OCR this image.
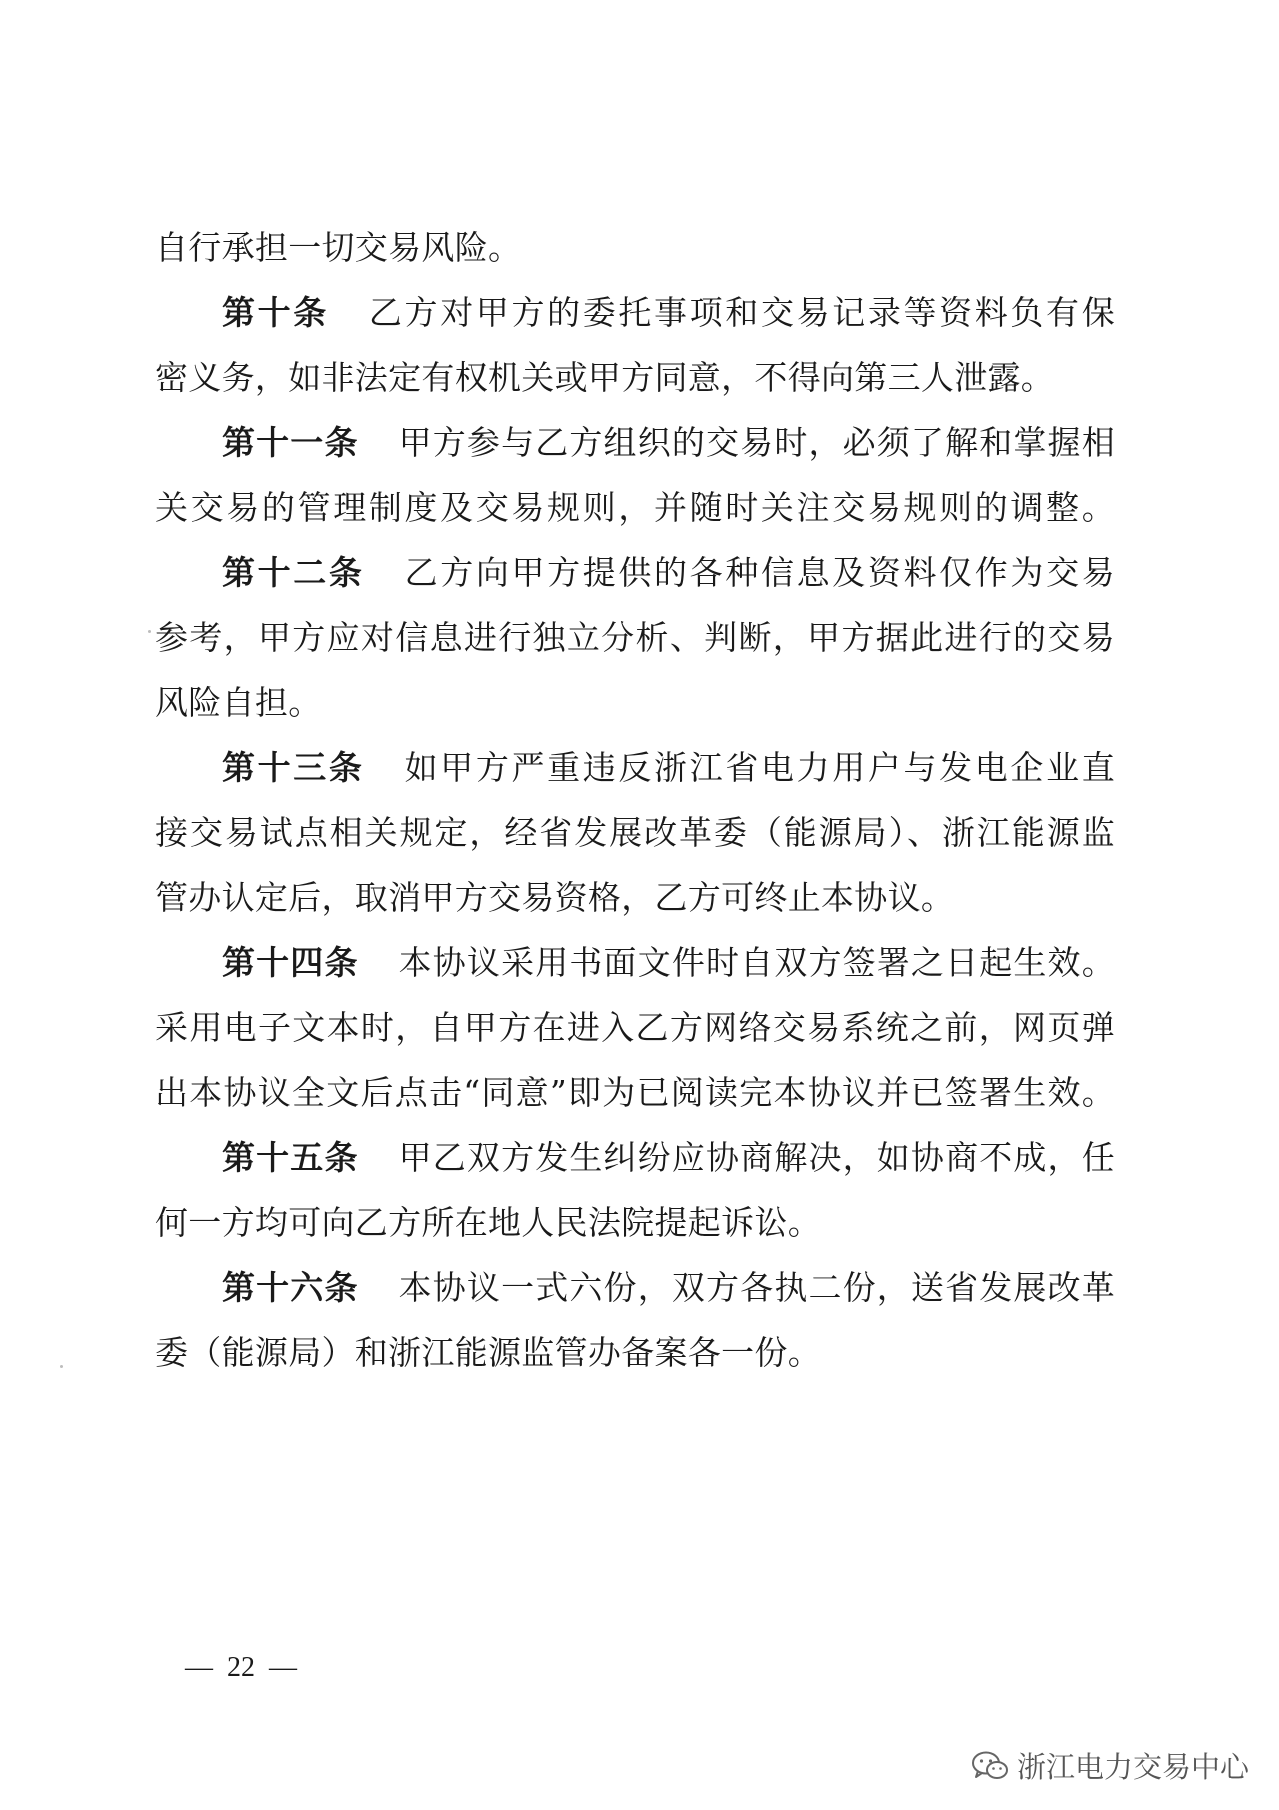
自行承担一切交易风险。
第十条 乙方对甲方的委托事项和交易记录等资料负有保
密义务，如非法定有权机关或甲方同意，不得向第三人泄露。
第十一条 甲方参与乙方组织的交易时，必须了解和掌握相
关交易的管理制度及交易规则，并随时关注交易规则的调整。
第十二条 乙方向甲方提供的各种信息及资料仅作为交易
参考，甲方应对信息进行独立分析、判断，甲方据此进行的交易
风险自担。
第十三条 如甲方严重违反浙江省电力用户与发电企业直
接交易试点相关规定，经省发展改革委（能源局）、浙江能源监
管办认定后，取消甲方交易资格，乙方可终止本协议。
第十四条 本协议采用书面文件时自双方签署之日起生效。
采用电子文本时，自甲方在进入乙方网络交易系统之前，网页弹
出本协议全文后点击“同意”即为已阅读完本协议并已签署生效。
第十五条 甲乙双方发生纠纷应协商解决，如协商不成，任
何一方均可向乙方所在地人民法院提起诉讼。
第十六条 本协议一式六份，双方各执二份，送省发展改革
委（能源局）和浙江能源监管办备案各一份。
— 22 —
浙江电力交易中心
